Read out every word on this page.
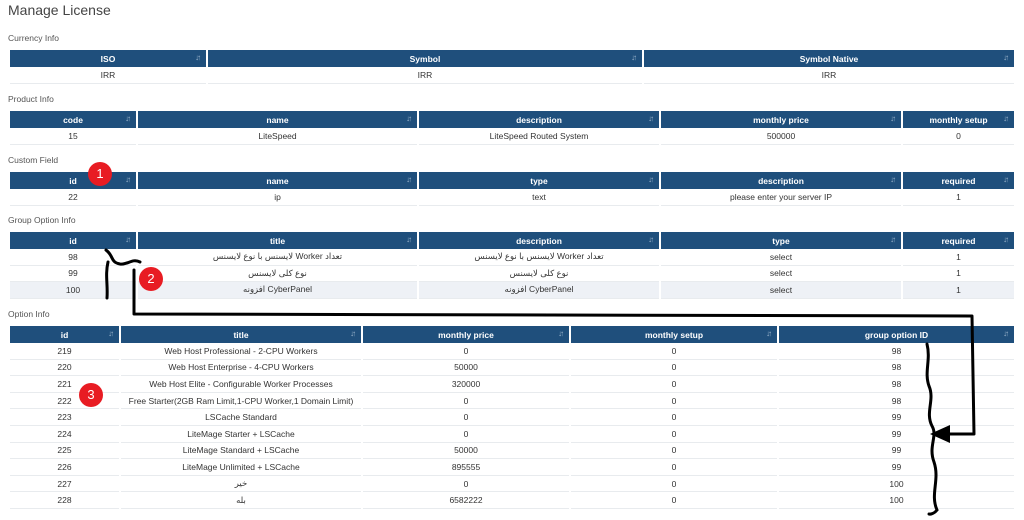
Manage License
Currency Info
ISO ↓↑	Symbol ↓↑	Symbol Native ↓↑

IRR	IRR	IRR
Product Info
code ↓↑	name ↓↑	description ↓↑	monthly price ↓↑	monthly setup ↓↑

15	LiteSpeed	LiteSpeed Routed System	500000	0
Custom Field
id ↓↑	name ↓↑	type ↓↑	description ↓↑	required ↓↑

22	ip	text	please enter your server IP	1
Group Option Info
id ↓↑	title ↓↑	description ↓↑	type ↓↑	required ↓↑

98	لایسنس با نوع لایسنس Worker تعداد	لایسنس با نوع لایسنس Worker تعداد	select	1
99	نوع کلی لایسنس	نوع کلی لایسنس	select	1
100	افزونه CyberPanel	افزونه CyberPanel	select	1
Option Info
id ↓↑	title ↓↑	monthly price ↓↑	monthly setup ↓↑	group option ID ↓↑

219	Web Host Professional - 2-CPU Workers	0	0	98
220	Web Host Enterprise - 4-CPU Workers	50000	0	98
221	Web Host Elite - Configurable Worker Processes	320000	0	98
222	Free Starter(2GB Ram Limit,1-CPU Worker,1 Domain Limit)	0	0	98
223	LSCache Standard	0	0	99
224	LiteMage Starter + LSCache	0	0	99
225	LiteMage Standard + LSCache	50000	0	99
226	LiteMage Unlimited + LSCache	895555	0	99
227	خیر	0	0	100
228	بله	6582222	0	100
1
2
3
